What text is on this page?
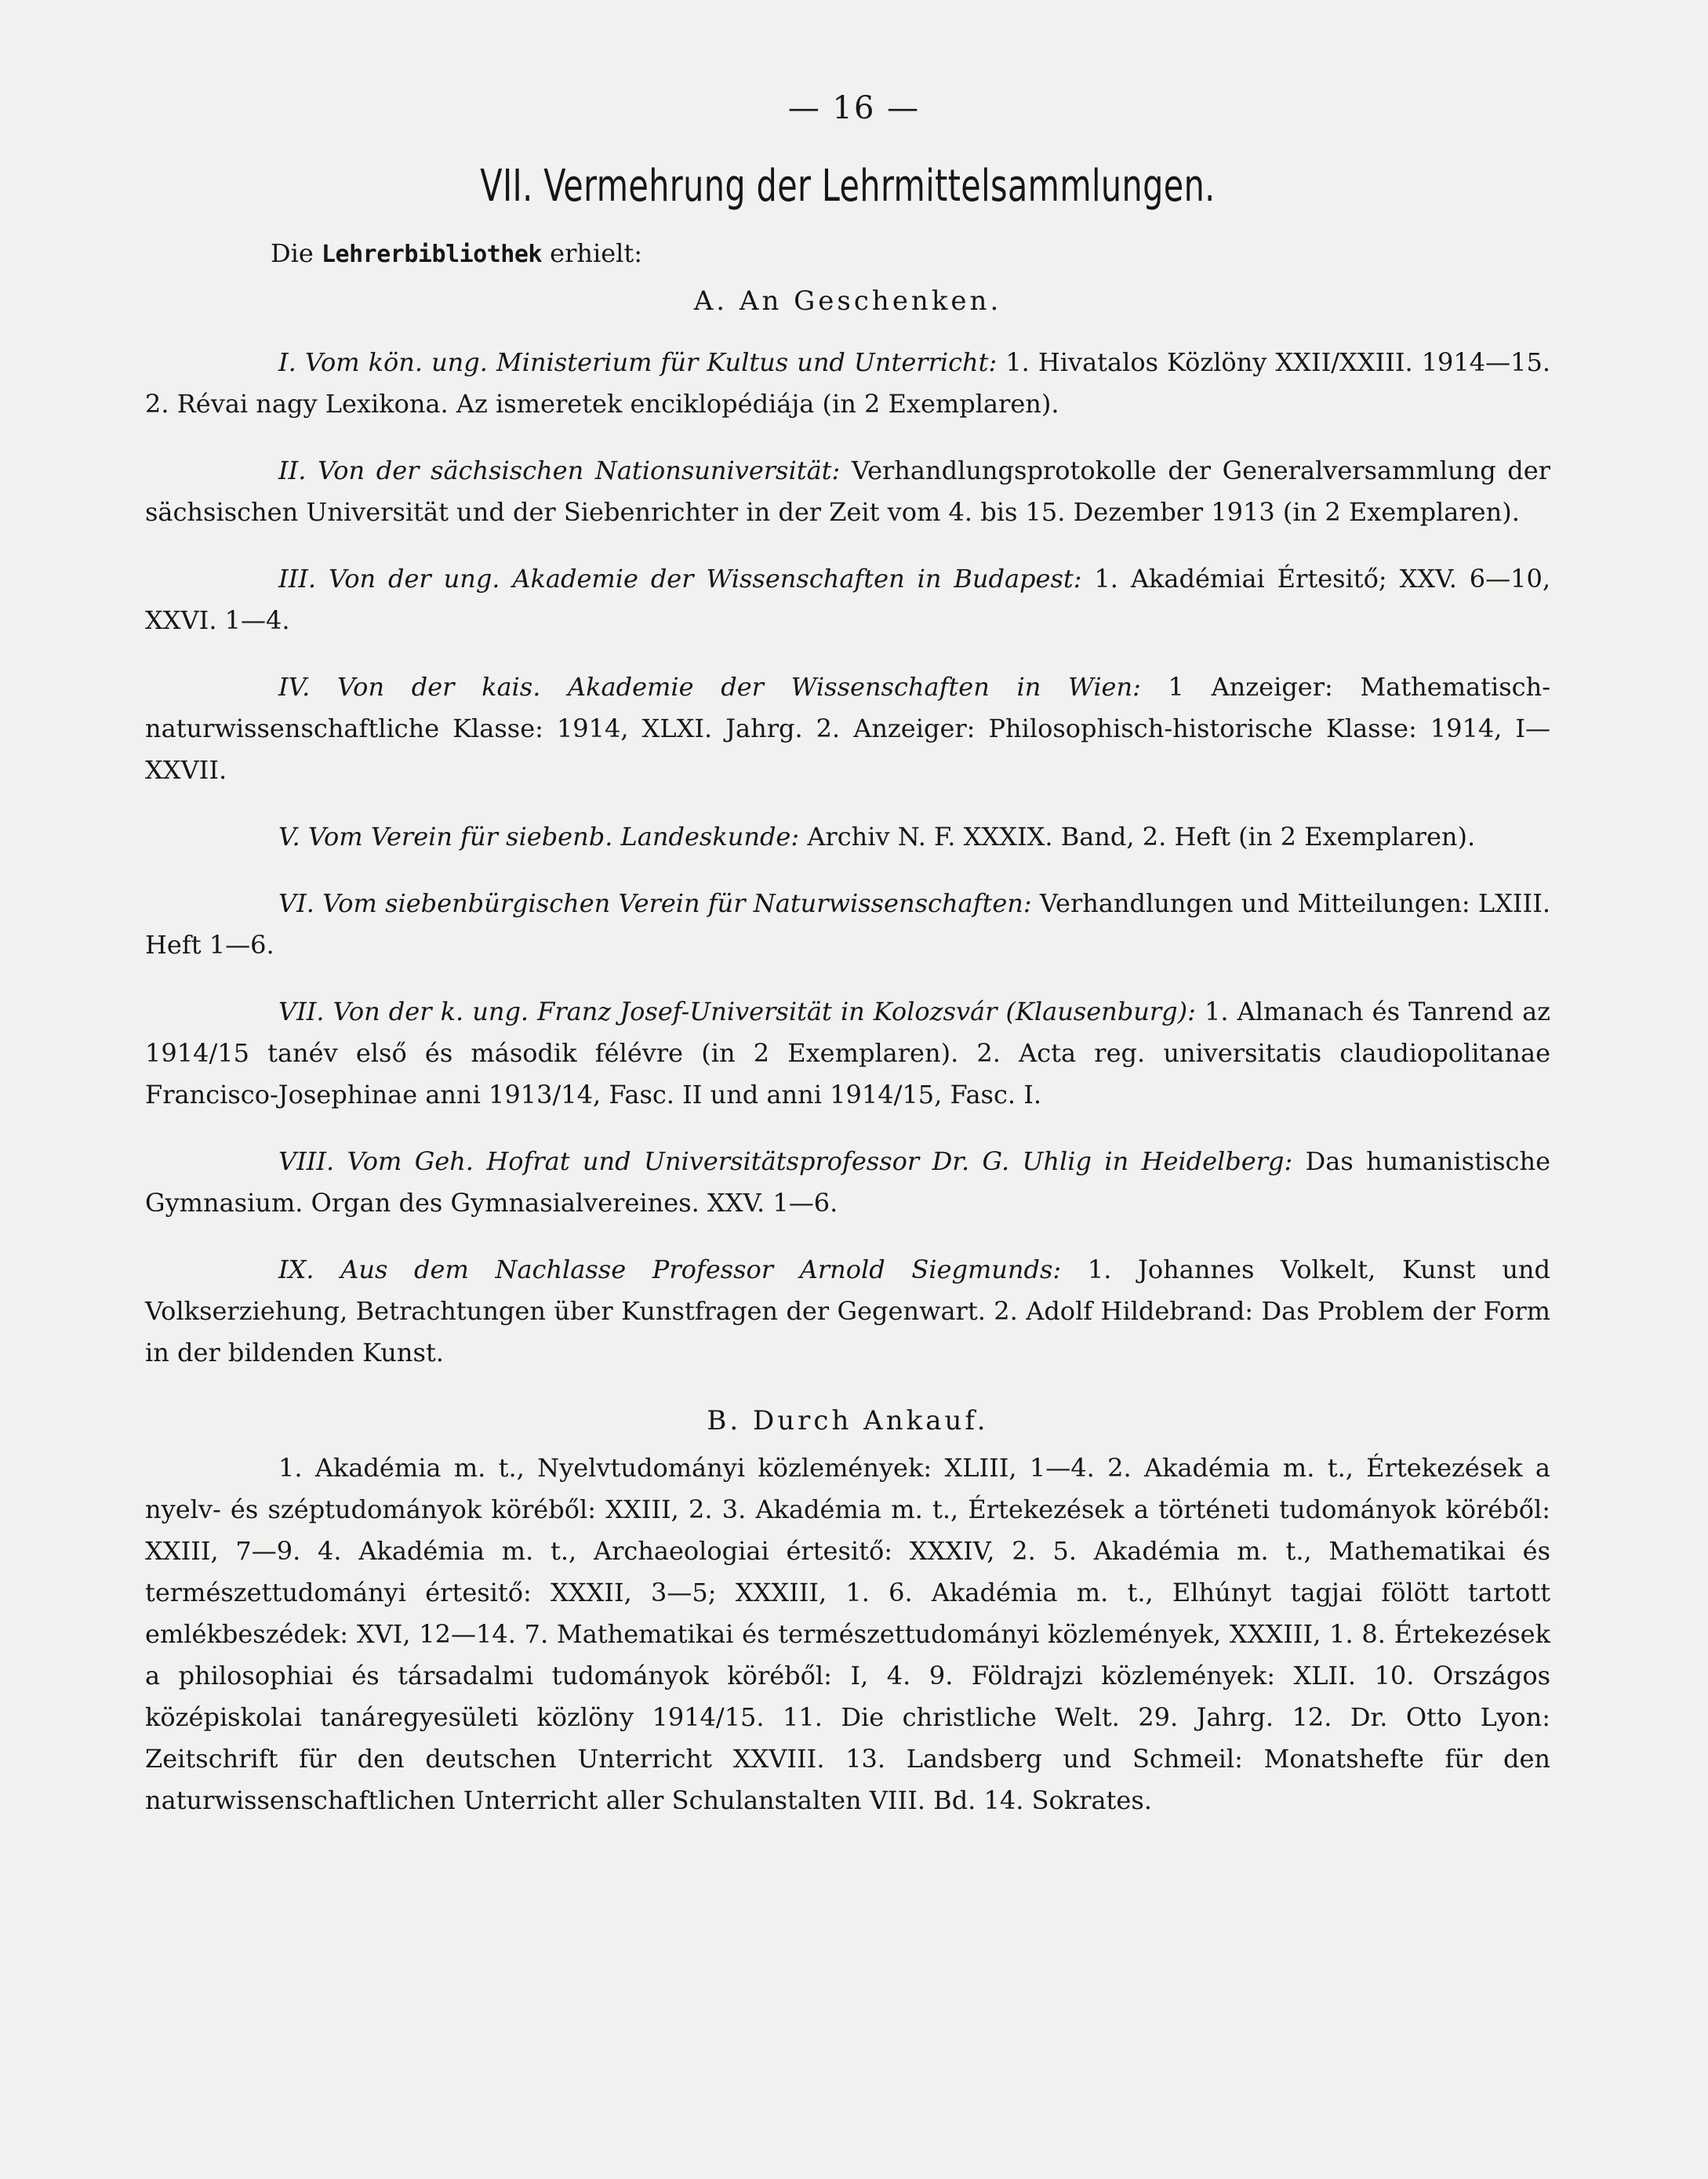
— 16 —
VII. Vermehrung der Lehrmittelsammlungen.
Die Lehrerbibliothek erhielt:
A. An Geschenken.

I. Vom kön. ung. Ministerium für Kultus und Unterricht: 1. Hivatalos Közlöny XXII/XXIII. 1914—15. 2. Révai nagy Lexikona. Az ismeretek enciklopédiája (in 2 Exemplaren).

II. Von der sächsischen Nationsuniversität: Verhandlungsprotokolle der Generalversammlung der sächsischen Universität und der Siebenrichter in der Zeit vom 4. bis 15. Dezember 1913 (in 2 Exemplaren).

III. Von der ung. Akademie der Wissenschaften in Budapest: 1. Akadémiai Értesitő; XXV. 6—10, XXVI. 1—4.

IV. Von der kais. Akademie der Wissenschaften in Wien: 1 Anzeiger: Mathematisch-naturwissenschaftliche Klasse: 1914, XLXI. Jahrg. 2. Anzeiger: Philosophisch-historische Klasse: 1914, I—XXVII.

V. Vom Verein für siebenb. Landeskunde: Archiv N. F. XXXIX. Band, 2. Heft (in 2 Exemplaren).

VI. Vom siebenbürgischen Verein für Naturwissenschaften: Verhandlungen und Mitteilungen: LXIII. Heft 1—6.

VII. Von der k. ung. Franz Josef-Universität in Kolozsvár (Klausenburg): 1. Almanach és Tanrend az 1914/15 tanév első és második félévre (in 2 Exemplaren). 2. Acta reg. universitatis claudiopolitanae Francisco-Josephinae anni 1913/14, Fasc. II und anni 1914/15, Fasc. I.

VIII. Vom Geh. Hofrat und Universitätsprofessor Dr. G. Uhlig in Heidelberg: Das humanistische Gymnasium. Organ des Gymnasialvereines. XXV. 1—6.

IX. Aus dem Nachlasse Professor Arnold Siegmunds: 1. Johannes Volkelt, Kunst und Volkserziehung, Betrachtungen über Kunstfragen der Gegenwart. 2. Adolf Hildebrand: Das Problem der Form in der bildenden Kunst.

B. Durch Ankauf.

1. Akadémia m. t., Nyelvtudományi közlemények: XLIII, 1—4. 2. Akadémia m. t., Értekezések a nyelv- és széptudományok köréből: XXIII, 2. 3. Akadémia m. t., Értekezések a történeti tudományok köréből: XXIII, 7—9. 4. Akadémia m. t., Archaeologiai értesitő: XXXIV, 2. 5. Akadémia m. t., Mathematikai és természettudományi értesitő: XXXII, 3—5; XXXIII, 1. 6. Akadémia m. t., Elhúnyt tagjai fölött tartott emlékbeszédek: XVI, 12—14. 7. Mathematikai és természettudományi közlemények, XXXIII, 1. 8. Értekezések a philosophiai és társadalmi tudományok köréből: I, 4. 9. Földrajzi közlemények: XLII. 10. Országos középiskolai tanáregyesületi közlöny 1914/15. 11. Die christliche Welt. 29. Jahrg. 12. Dr. Otto Lyon: Zeitschrift für den deutschen Unterricht XXVIII. 13. Landsberg und Schmeil: Monatshefte für den naturwissenschaftlichen Unterricht aller Schulanstalten VIII. Bd. 14. Sokrates.
